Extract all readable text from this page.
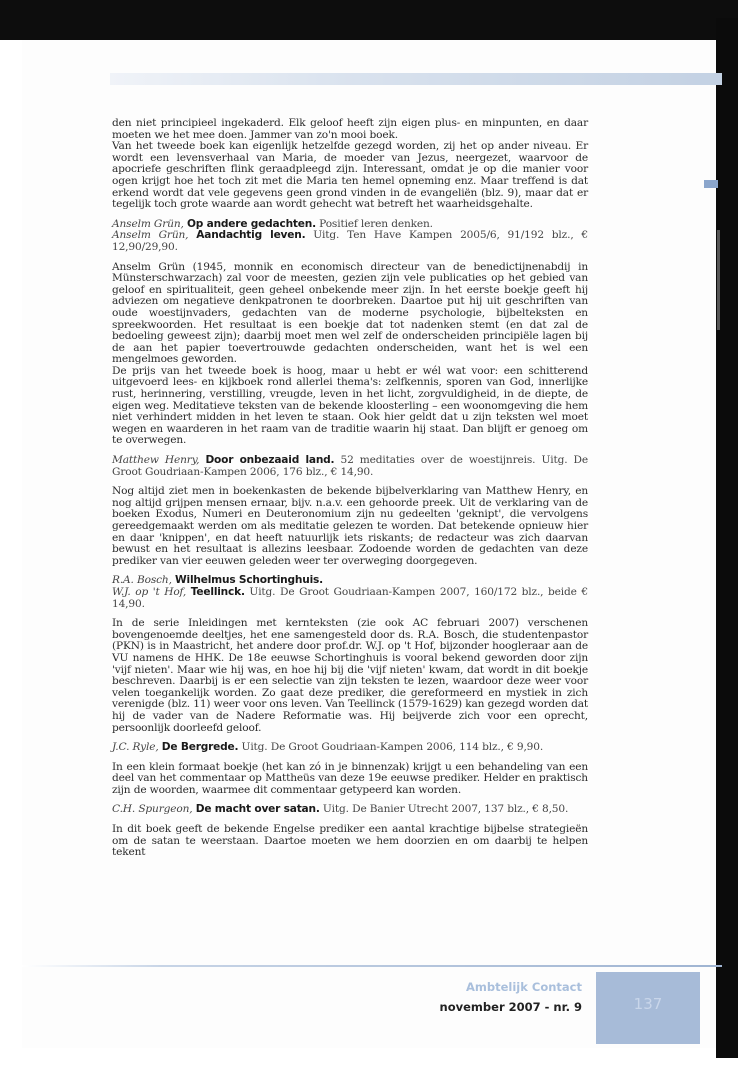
den niet principieel ingekaderd. Elk geloof heeft zijn eigen plus- en minpunten, en daar moeten we het mee doen. Jammer van zo'n mooi boek.

Van het tweede boek kan eigenlijk hetzelfde gezegd worden, zij het op ander niveau. Er wordt een levensverhaal van Maria, de moeder van Jezus, neergezet, waarvoor de apocriefe geschriften flink geraadpleegd zijn. Interessant, omdat je op die manier voor ogen krijgt hoe het toch zit met die Maria ten hemel opneming enz. Maar treffend is dat erkend wordt dat vele gegevens geen grond vinden in de evangeliën (blz. 9), maar dat er tegelijk toch grote waarde aan wordt gehecht wat betreft het waarheidsgehalte.

Anselm Grün, Op andere gedachten. Positief leren denken.

Anselm Grün, Aandachtig leven. Uitg. Ten Have Kampen 2005/6, 91/192 blz., € 12,90/29,90.

Anselm Grün (1945, monnik en economisch directeur van de benedictijnenabdij in Münsterschwarzach) zal voor de meesten, gezien zijn vele publicaties op het gebied van geloof en spiritualiteit, geen geheel onbekende meer zijn. In het eerste boekje geeft hij adviezen om negatieve denkpatronen te doorbreken. Daartoe put hij uit geschriften van oude woestijnvaders, gedachten van de moderne psychologie, bijbelteksten en spreekwoorden. Het resultaat is een boekje dat tot nadenken stemt (en dat zal de bedoeling geweest zijn); daarbij moet men wel zelf de onderscheiden principiële lagen bij de aan het papier toevertrouwde gedachten onderscheiden, want het is wel een mengelmoes geworden.

De prijs van het tweede boek is hoog, maar u hebt er wél wat voor: een schitterend uitgevoerd lees- en kijkboek rond allerlei thema's: zelfkennis, sporen van God, innerlijke rust, herinnering, verstilling, vreugde, leven in het licht, zorgvuldigheid, in de diepte, de eigen weg. Meditatieve teksten van de bekende kloosterling – een woonomgeving die hem niet verhindert midden in het leven te staan. Ook hier geldt dat u zijn teksten wel moet wegen en waarderen in het raam van de traditie waarin hij staat. Dan blijft er genoeg om te overwegen.

Matthew Henry, Door onbezaaid land. 52 meditaties over de woestijnreis. Uitg. De Groot Goudriaan-Kampen 2006, 176 blz., € 14,90.

Nog altijd ziet men in boekenkasten de bekende bijbelverklaring van Matthew Henry, en nog altijd grijpen mensen ernaar, bijv. n.a.v. een gehoorde preek. Uit de verklaring van de boeken Exodus, Numeri en Deuteronomium zijn nu gedeelten 'geknipt', die vervolgens gereedgemaakt werden om als meditatie gelezen te worden. Dat betekende opnieuw hier en daar 'knippen', en dat heeft natuurlijk iets riskants; de redacteur was zich daarvan bewust en het resultaat is allezins leesbaar. Zodoende worden de gedachten van deze prediker van vier eeuwen geleden weer ter overweging doorgegeven.

R.A. Bosch, Wilhelmus Schortinghuis.

W.J. op 't Hof, Teellinck. Uitg. De Groot Goudriaan-Kampen 2007, 160/172 blz., beide € 14,90.

In de serie Inleidingen met kernteksten (zie ook AC februari 2007) verschenen bovengenoemde deeltjes, het ene samengesteld door ds. R.A. Bosch, die studentenpastor (PKN) is in Maastricht, het andere door prof.dr. W.J. op 't Hof, bijzonder hoogleraar aan de VU namens de HHK. De 18e eeuwse Schortinghuis is vooral bekend geworden door zijn 'vijf nieten'. Maar wie hij was, en hoe hij bij die 'vijf nieten' kwam, dat wordt in dit boekje beschreven. Daarbij is er een selectie van zijn teksten te lezen, waardoor deze weer voor velen toegankelijk worden. Zo gaat deze prediker, die gereformeerd en mystiek in zich verenigde (blz. 11) weer voor ons leven. Van Teellinck (1579-1629) kan gezegd worden dat hij de vader van de Nadere Reformatie was. Hij beijverde zich voor een oprecht, persoonlijk doorleefd geloof.

J.C. Ryle, De Bergrede. Uitg. De Groot Goudriaan-Kampen 2006, 114 blz., € 9,90.

In een klein formaat boekje (het kan zó in je binnenzak) krijgt u een behandeling van een deel van het commentaar op Mattheüs van deze 19e eeuwse prediker. Helder en praktisch zijn de woorden, waarmee dit commentaar getypeerd kan worden.

C.H. Spurgeon, De macht over satan. Uitg. De Banier Utrecht 2007, 137 blz., € 8,50.

In dit boek geeft de bekende Engelse prediker een aantal krachtige bijbelse strategieën om de satan te weerstaan. Daartoe moeten we hem doorzien en om daarbij te helpen tekent

Ambtelijk Contact
november 2007 - nr. 9	137
